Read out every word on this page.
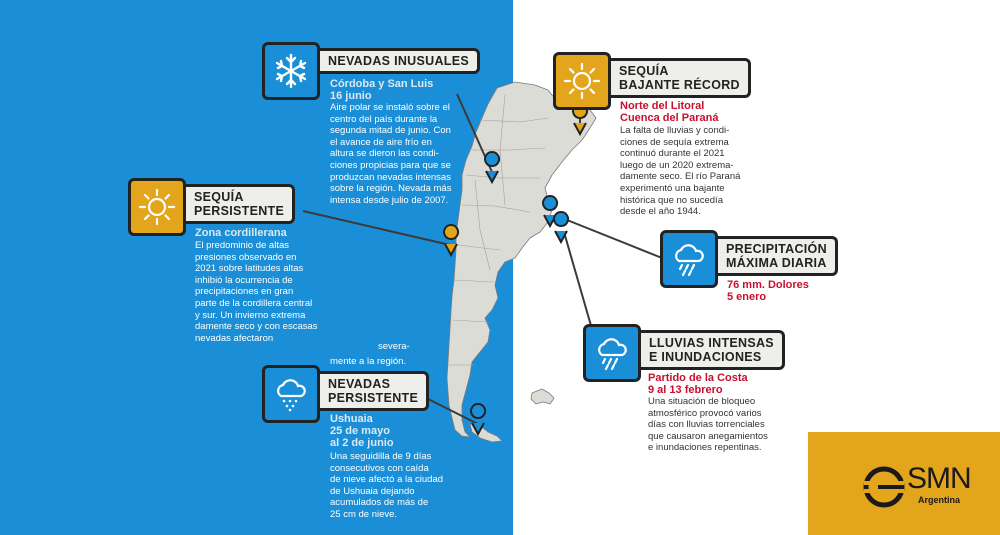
NEVADAS INUSUALES
Córdoba y San Luis
16 junio
Aire polar se instaló sobre el
centro del país durante la
segunda mitad de junio. Con
el avance de aire frío en
altura se dieron las condi-
ciones propicias para que se
produzcan nevadas intensas
sobre la región. Nevada más
intensa desde julio de 2007.
SEQUÍA
PERSISTENTE
Zona cordillerana
El predominio de altas
presiones observado en
2021 sobre latitudes altas
inhibió la ocurrencia de
precipitaciones en gran
parte de la cordillera central
y sur. Un invierno extrema
damente seco y con escasas
nevadas afectaron
severa-
mente a la región.
NEVADAS
PERSISTENTE
Ushuaia
25 de mayo
al 2 de junio
Una seguidilla de 9 días
consecutivos con caída
de nieve afectó a la ciudad
de Ushuaia dejando
acumulados de más de
25 cm de nieve.
SEQUÍA
BAJANTE RÉCORD
Norte del Litoral
Cuenca del Paraná
La falta de lluvias y condi-
ciones de sequía extrema
continuó durante el 2021
luego de un 2020 extrema-
damente seco. El río Paraná
experimentó una bajante
histórica que no sucedía
desde el año 1944.
PRECIPITACIÓN
MÁXIMA DIARIA
76 mm. Dolores
5 enero
LLUVIAS INTENSAS
E INUNDACIONES
Partido de la Costa
9 al 13 febrero
Una situación de bloqueo
atmosférico provocó varios
días con lluvias torrenciales
que causaron anegamientos
e inundaciones repentinas.
SMN
Argentina
